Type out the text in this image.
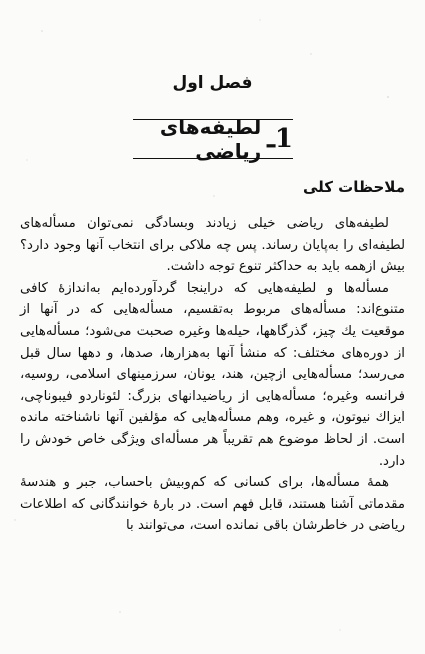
فصل اول
1ـ
لطیفه‌های ریاضی
ملاحظات کلی

لطیفه‌های ریاضی خیلی زیادند وبسادگی نمی‌توان مسأله‌های لطیفه‌ای را به‌پایان رساند. پس چه ملاکی برای انتخاب آنها وجود دارد؟ بیش ازهمه باید به حداکثر تنوع توجه داشت.

مسأله‌ها و لطیفه‌هایی که دراینجا گردآورده‌ایم به‌اندازهٔ کافی متنوع‌اند: مسأله‌های مربوط به‌تقسیم، مسأله‌هایی که در آنها از موقعیت یك چیز، گذرگاهها، حیله‌ها وغیره صحبت می‌شود؛ مسأله‌هایی از دوره‌های مختلف: که منشأ آنها به‌هزارها، صدها، و دهها سال قبل می‌رسد؛ مسأله‌هایی ازچین، هند، یونان، سرزمینهای اسلامی، روسیه، فرانسه وغیره؛ مسأله‌هایی از ریاضیدانهای بزرگ: لئوناردو فیبوناچی، ایزاك نیوتون، و غیره، وهم مسأله‌هایی که مؤلفین آنها ناشناخته مانده است. از لحاظ موضوع هم تقریباً هر مسأله‌ای ویژگی خاص خودش را دارد.

همهٔ مسأله‌ها، برای کسانی که کم‌وبیش باحساب، جبر و هندسهٔ مقدماتی آشنا هستند، قابل فهم است. در بارهٔ خوانندگانی که اطلاعات ریاضی در خاطرشان باقی نمانده است، می‌توانند با
